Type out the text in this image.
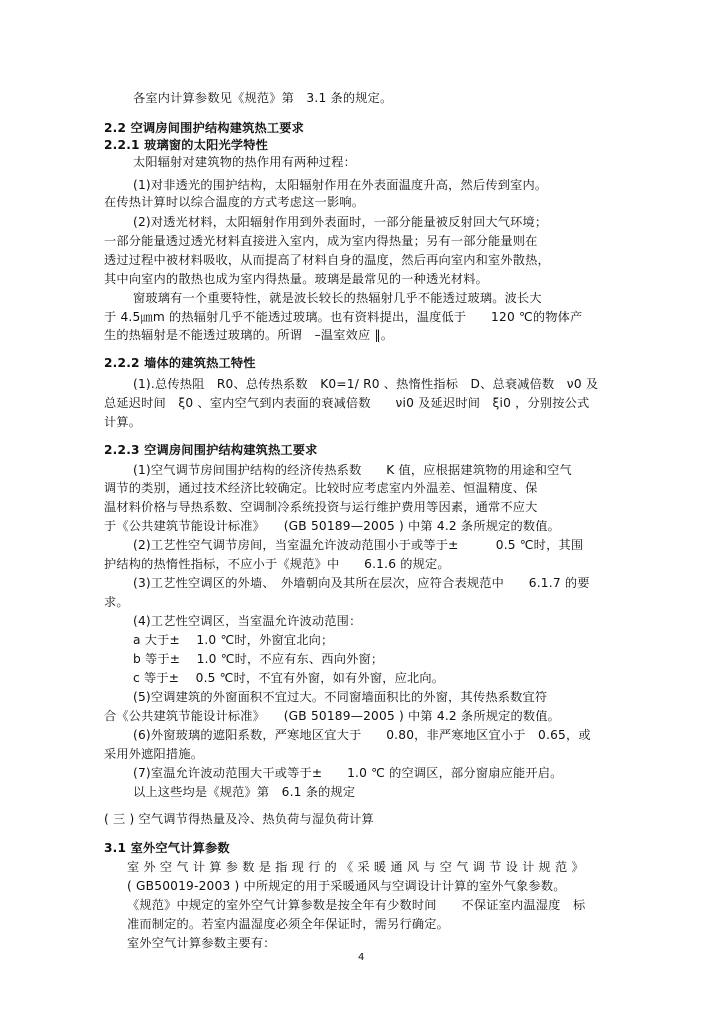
各室内计算参数见《规范》第　3.1 条的规定。
2.2 空调房间围护结构建筑热工要求
2.2.1 玻璃窗的太阳光学特性
太阳辐射对建筑物的热作用有两种过程：
(1)对非透光的围护结构，太阳辐射作用在外表面温度升高，然后传到室内。
在传热计算时以综合温度的方式考虑这一影响。
(2)对透光材料，太阳辐射作用到外表面时，一部分能量被反射回大气环境；
一部分能量透过透光材料直接进入室内，成为室内得热量；另有一部分能量则在
透过过程中被材料吸收，从而提高了材料自身的温度，然后再向室内和室外散热，
其中向室内的散热也成为室内得热量。玻璃是最常见的一种透光材料。
窗玻璃有一个重要特性，就是波长较长的热辐射几乎不能透过玻璃。波长大
于 4.5㎛m 的热辐射几乎不能透过玻璃。也有资料提出，温度低于　　120 ℃的物体产
生的热辐射是不能透过玻璃的。所谓　–温室效应 ‖。
2.2.2 墙体的建筑热工特性
(1).总传热阻　R0、总传热系数　K0=1/ R0 、热惰性指标　D、总衰减倍数　ν0 及
总延迟时间　ξ0 、室内空气到内表面的衰减倍数　　νi0 及延迟时间　ξi0 ，分别按公式
计算。
2.2.3 空调房间围护结构建筑热工要求
(1)空气调节房间围护结构的经济传热系数　　K 值，应根据建筑物的用途和空气
调节的类别，通过技术经济比较确定。比较时应考虑室内外温差、恒温精度、保
温材料价格与导热系数、空调制冷系统投资与运行维护费用等因素，通常不应大
于《公共建筑节能设计标准》　　(GB 50189—2005 ) 中第 4.2 条所规定的数值。
(2)工艺性空气调节房间，当室温允许波动范围小于或等于±　　　0.5 ℃时，其围
护结构的热惰性指标，不应小于《规范》中　　6.1.6 的规定。
(3)工艺性空调区的外墙、　外墙朝向及其所在层次，应符合表规范中　　6.1.7 的要
求。
(4)工艺性空调区，当室温允许波动范围：
a 大于±　 1.0 ℃时，外窗宜北向；
b 等于±　 1.0 ℃时，不应有东、西向外窗；
c 等于±　 0.5 ℃时，不宜有外窗，如有外窗，应北向。
(5)空调建筑的外窗面积不宜过大。不同窗墙面积比的外窗，其传热系数宜符
合《公共建筑节能设计标准》　　(GB 50189—2005 ) 中第 4.2 条所规定的数值。
(6)外窗玻璃的遮阳系数，严寒地区宜大于　　0.80，非严寒地区宜小于　0.65，或
采用外遮阳措施。
(7)室温允许波动范围大干或等于±　　1.0 ℃ 的空调区，部分窗扇应能开启。
以上这些均是《规范》第　6.1 条的规定
( 三 ) 空气调节得热量及冷、热负荷与湿负荷计算
3.1 室外空气计算参数
室 外 空 气 计 算 参 数 是 指 现 行 的 《 采 暖 通 风 与 空 气 调 节 设 计 规 范 》
( GB50019-2003 ) 中所规定的用于采暖通风与空调设计计算的室外气象参数。
《规范》中规定的室外空气计算参数是按全年有少数时间　　不保证室内温湿度　标
准而制定的。若室内温湿度必须全年保证时，需另行确定。
室外空气计算参数主要有：
4
